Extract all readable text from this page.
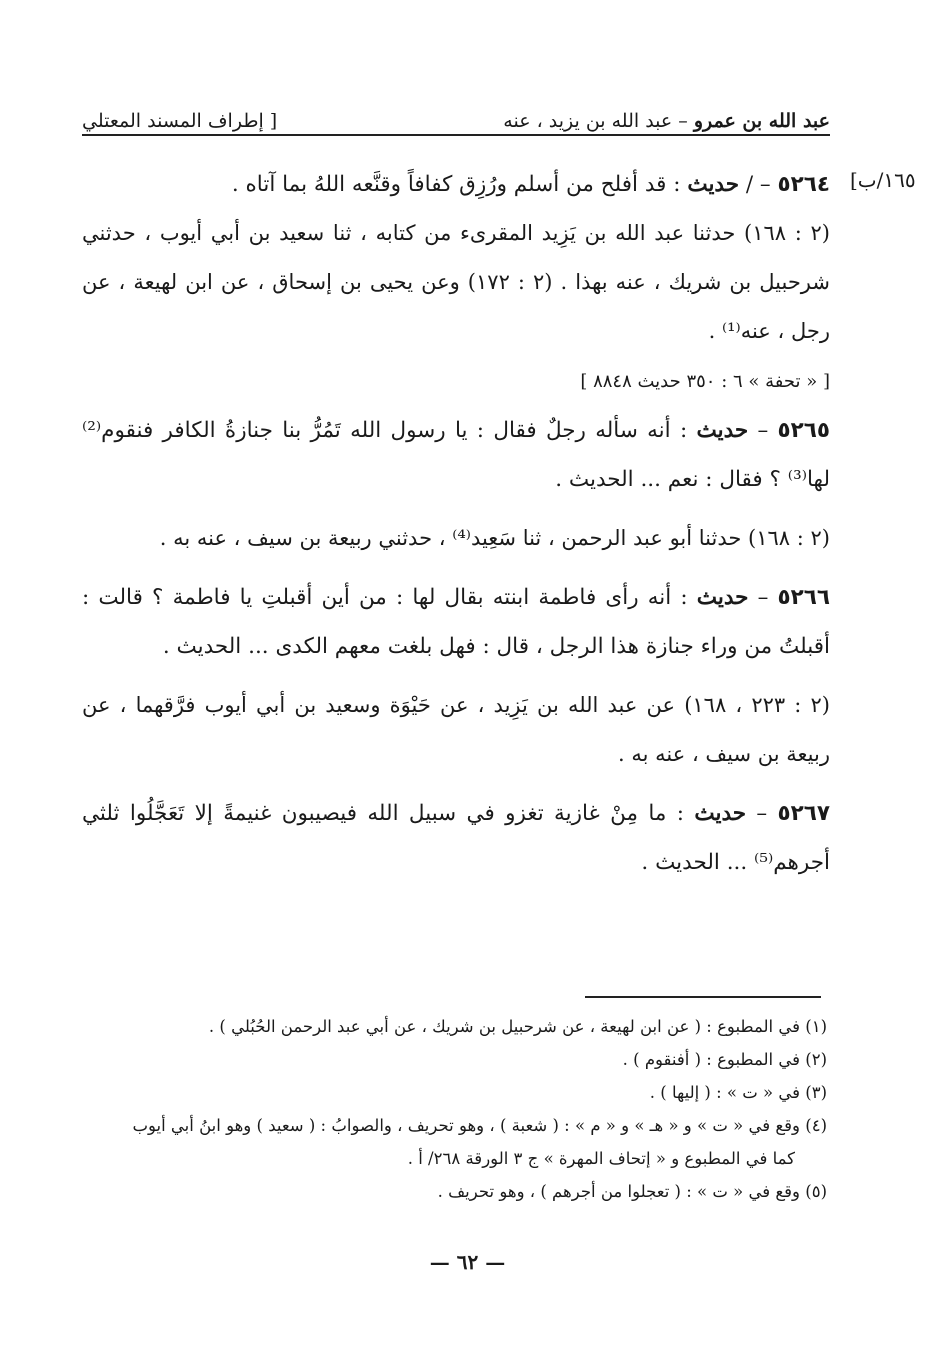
عبد الله بن عمرو – عبد الله بن يزيد ، عنه
[ إطراف المسند المعتلي
١٦٥/ب]

٥٢٦٤ – / حديث : قد أفلح من أسلم ورُزِق كفافاً وقنَّعه اللهُ بما آتاه .

(٢ : ١٦٨) حدثنا عبد الله بن يَزِيد المقرىء من كتابه ، ثنا سعيد بن أبي أيوب ، حدثني شرحبيل بن شريك ، عنه بهذا . (٢ : ١٧٢) وعن يحيى بن إسحاق ، عن ابن لهيعة ، عن رجل ، عنه⁽¹⁾ .

[ « تحفة » ٦ : ٣٥٠ حديث ٨٨٤٨ ]

٥٢٦٥ – حديث : أنه سأله رجلٌ فقال : يا رسول الله تَمُرُّ بنا جنازةُ الكافر فنقوم⁽²⁾ لها⁽³⁾ ؟ فقال : نعم ... الحديث .

(٢ : ١٦٨) حدثنا أبو عبد الرحمن ، ثنا سَعِيد⁽⁴⁾ ، حدثني ربيعة بن سيف ، عنه به .

٥٢٦٦ – حديث : أنه رأى فاطمة ابنته بقال لها : من أين أقبلتِ يا فاطمة ؟ قالت : أقبلتُ من وراء جنازة هذا الرجل ، قال : فهل بلغت معهم الكدى ... الحديث .

(٢ : ٢٢٣ ، ١٦٨) عن عبد الله بن يَزِيد ، عن حَيْوَة وسعيد بن أبي أيوب فرَّقهما ، عن ربيعة بن سيف ، عنه به .

٥٢٦٧ – حديث : ما مِنْ غازية تغزو في سبيل الله فيصيبون غنيمةً إلا تَعَجَّلُوا ثلثي أجرهم⁽⁵⁾ ... الحديث .

(١) في المطبوع : ( عن ابن لهيعة ، عن شرحبيل بن شريك ، عن أبي عبد الرحمن الحُبُلي ) .

(٢) في المطبوع : ( أفنقوم ) .

(٣) في « ت » : ( إليها ) .

(٤) وقع في « ت » و « هـ » و « م » : ( شعبة ) ، وهو تحريف ، والصوابُ : ( سعيد ) وهو ابنُ أبي أيوب

كما في المطبوع و « إتحاف المهرة » ج ٣ الورقة ٢٦٨/ أ .

(٥) وقع في « ت » : ( تعجلوا من أجرهم ) ، وهو تحريف .

— ٦٢ —
